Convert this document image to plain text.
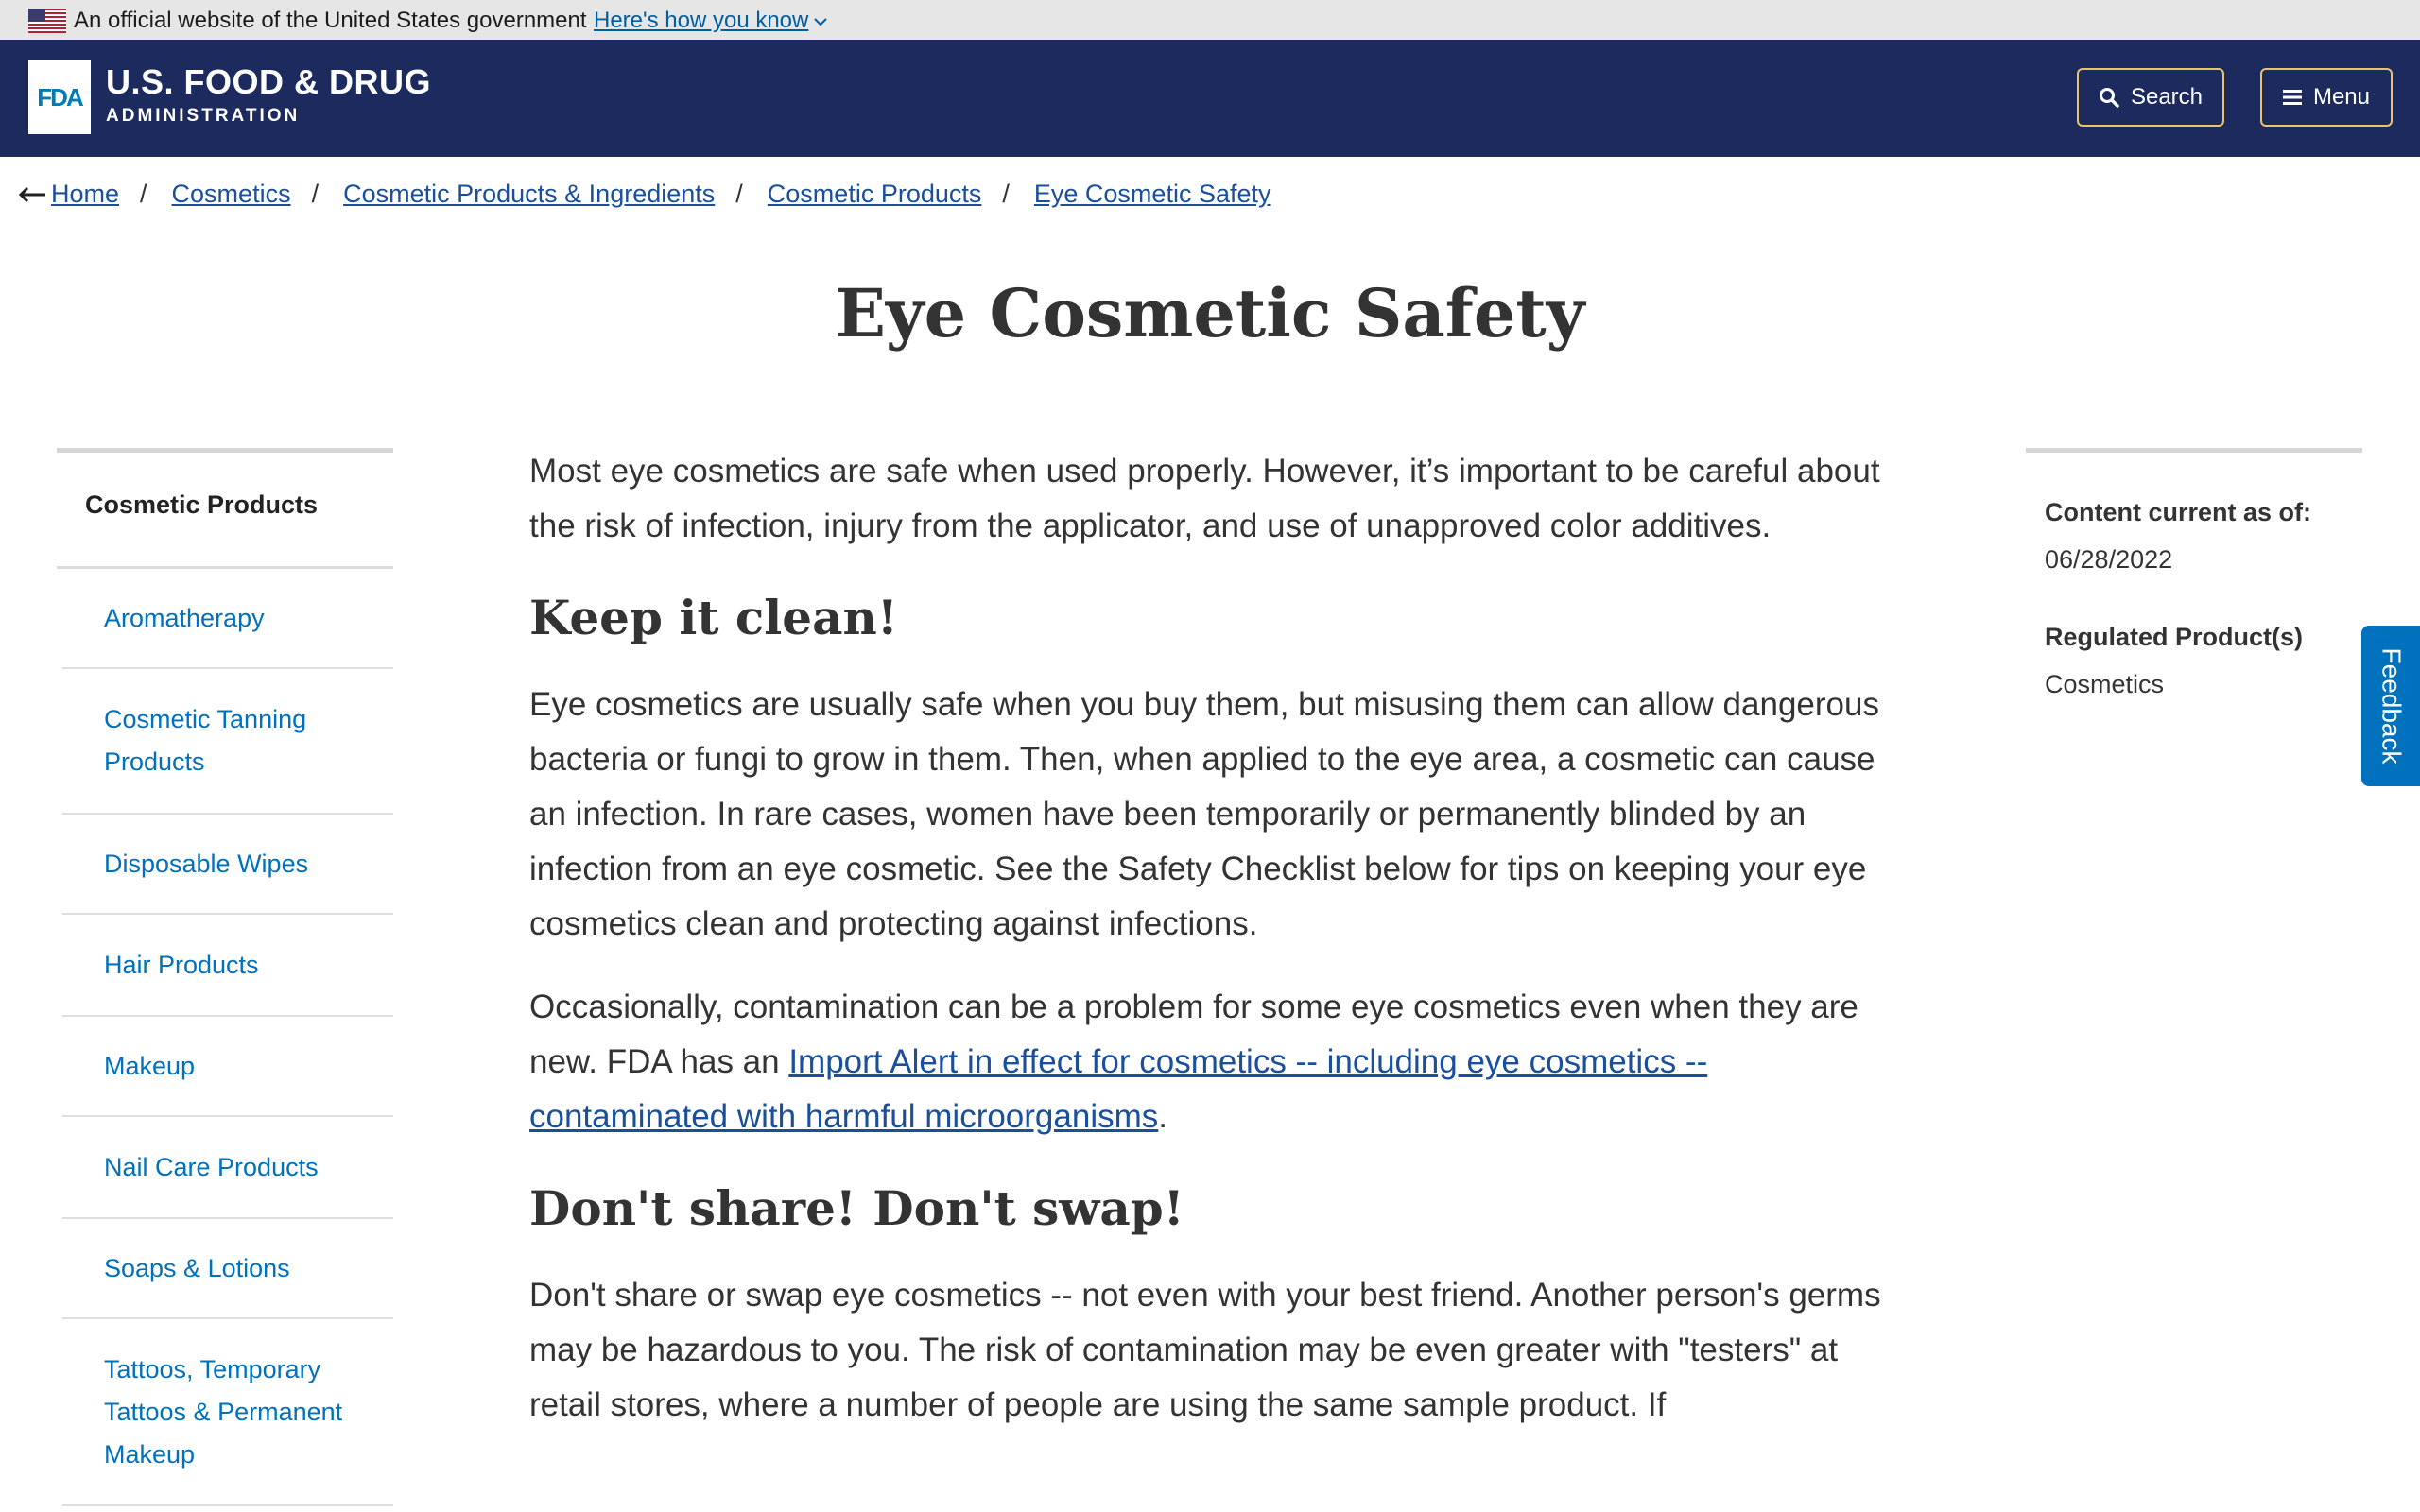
An official website of the United States government Here's how you know
FDA U.S. FOOD & DRUG
ADMINISTRATION
Search	Menu
Home / Cosmetics / Cosmetic Products & Ingredients / Cosmetic Products / Eye Cosmetic Safety
Eye Cosmetic Safety
Cosmetic Products
Aromatherapy
Cosmetic Tanning Products
Disposable Wipes
Hair Products
Makeup
Nail Care Products
Soaps & Lotions
Tattoos, Temporary Tattoos & Permanent Makeup

Most eye cosmetics are safe when used properly. However, it’s important to be careful about the risk of infection, injury from the applicator, and use of unapproved color additives.

Keep it clean!

Eye cosmetics are usually safe when you buy them, but misusing them can allow dangerous bacteria or fungi to grow in them. Then, when applied to the eye area, a cosmetic can cause an infection. In rare cases, women have been temporarily or permanently blinded by an infection from an eye cosmetic. See the Safety Checklist below for tips on keeping your eye cosmetics clean and protecting against infections.

Occasionally, contamination can be a problem for some eye cosmetics even when they are new. FDA has an Import Alert in effect for cosmetics -- including eye cosmetics -- contaminated with harmful microorganisms.

Don't share! Don't swap!

Don't share or swap eye cosmetics -- not even with your best friend. Another person's germs may be hazardous to you. The risk of contamination may be even greater with "testers" at retail stores, where a number of people are using the same sample product. If

Content current as of:
06/28/2022
Regulated Product(s)
Cosmetics	Feedback
